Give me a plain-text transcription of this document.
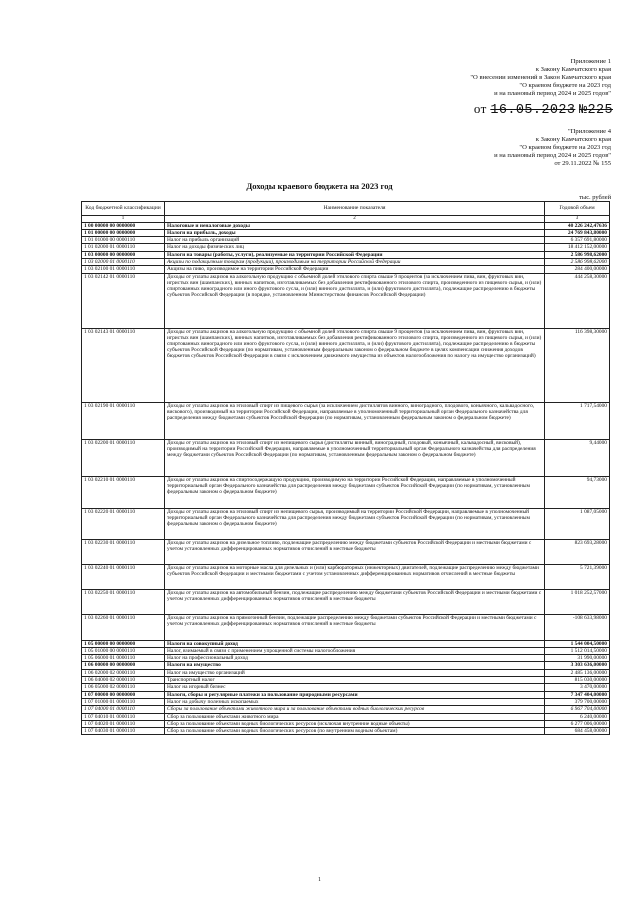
Приложение 1
к Закону Камчатского края
"О внесении изменений в Закон Камчатского края
"О краевом бюджете на 2023 год
и на плановый период 2024 и 2025 годов"
от 16.05.2023 №225
"Приложение 4
к Закону Камчатского края
"О краевом бюджете на 2023 год
и на плановый период 2024 и 2025 годов"
от 29.11.2022 № 155
Доходы краевого бюджета на 2023 год
тыс. рублей
Код бюджетной классификации	Наименование показателя	Годовой объем
1	2	3
1 00 00000 00 0000000	Налоговые и неналоговые доходы	40 226 242,47636
1 01 00000 00 0000000	Налоги на прибыль, доходы	24 769 843,80000
1 01 01000 00 0000110	Налог на прибыль организаций	6 357 691,80000
1 01 02000 01 0000110	Налог на доходы физических лиц	18 412 152,00000
1 03 00000 00 0000000	Налоги на товары (работы, услуги), реализуемые на территории Российской Федерации	2 586 998,62000
1 03 02000 01 0000110	Акцизы по подакцизным товарам (продукции), производимым на территории Российской Федерации	2 586 998,62000
1 03 02100 01 0000110	Акцизы на пиво, производимое на территории Российской Федерации	284 400,00000
1 03 02142 01 0000110	Доходы от уплаты акцизов на алкогольную продукцию с объемной долей этилового спирта свыше 9 процентов (за исключением пива, вин, фруктовых вин, игристых вин (шампанских), винных напитков, изготавливаемых без добавления ректификованного этилового спирта, произведенного из пищевого сырья, и (или) спиртованных виноградного или иного фруктового сусла, и (или) винного дистиллята, и (или) фруктового дистиллята), подлежащие распределению в бюджеты субъектов Российской Федерации (в порядке, установленном Министерством финансов Российской Федерации)	444 258,30000
1 03 02143 01 0000110	Доходы от уплаты акцизов на алкогольную продукцию с объемной долей этилового спирта свыше 9 процентов (за исключением пива, вин, фруктовых вин, игристых вин (шампанских), винных напитков, изготавливаемых без добавления ректификованного этилового спирта, произведенного из пищевого сырья, и (или) спиртованных виноградного или иного фруктового сусла, и (или) винного дистиллята, и (или) фруктового дистиллята), подлежащие распределению в бюджеты субъектов Российской Федерации (по нормативам, установленным федеральным законом о федеральном бюджете в целях компенсации снижения доходов бюджетов субъектов Российской Федерации в связи с исключением движимого имущества из объектов налогообложения по налогу на имущество организаций)	116 398,30000
1 03 02190 01 0000110	Доходы от уплаты акцизов на этиловый спирт из пищевого сырья (за исключением дистиллятов винного, виноградного, плодового, коньячного, кальвадосного, вискового), производимый на территории Российской Федерации, направляемые в уполномоченный территориальный орган Федерального казначейства для распределения между бюджетами субъектов Российской Федерации (по нормативам, установленным федеральным законом о федеральном бюджете)	1 717,54000
1 03 02200 01 0000110	Доходы от уплаты акцизов на этиловый спирт из непищевого сырья (дистилляты винный, виноградный, плодовый, коньячный, кальвадосный, висковый), производимый на территории Российской Федерации, направляемые в уполномоченный территориальный орган Федерального казначейства для распределения между бюджетами субъектов Российской Федерации (по нормативам, установленным федеральным законом о федеральном бюджете)	9,44000
1 03 02210 01 0000110	Доходы от уплаты акцизов на спиртосодержащую продукцию, производимую на территории Российской Федерации, направляемые в уполномоченный территориальный орган Федерального казначейства для распределения между бюджетами субъектов Российской Федерации (по нормативам, установленным федеральным законом о федеральном бюджете)	94,73000
1 03 02220 01 0000110	Доходы от уплаты акцизов на этиловый спирт из непищевого сырья, производимый на территории Российской Федерации, направляемые в уполномоченный территориальный орган Федерального казначейства для распределения между бюджетами субъектов Российской Федерации (по нормативам, установленным федеральным законом о федеральном бюджете)	1 087,05000
1 03 02230 01 0000110	Доходы от уплаты акцизов на дизельное топливо, подлежащие распределению между бюджетами субъектов Российской Федерации и местными бюджетами с учетом установленных дифференцированных нормативов отчислений в местные бюджеты	823 693,28000
1 03 02240 01 0000110	Доходы от уплаты акцизов на моторные масла для дизельных и (или) карбюраторных (инжекторных) двигателей, подлежащие распределению между бюджетами субъектов Российской Федерации и местными бюджетами с учетом установленных дифференцированных нормативов отчислений в местные бюджеты	5 721,39000
1 03 02250 01 0000110	Доходы от уплаты акцизов на автомобильный бензин, подлежащие распределению между бюджетами субъектов Российской Федерации и местными бюджетами с учетом установленных дифференцированных нормативов отчислений в местные бюджеты	1 018 252,57000
1 03 02260 01 0000110	Доходы от уплаты акцизов на прямогонный бензин, подлежащие распределению между бюджетами субъектов Российской Федерации и местными бюджетами с учетом установленных дифференцированных нормативов отчислений в местные бюджеты	-108 633,98000
1 05 00000 00 0000000	Налоги на совокупный доход	1 544 004,50000
1 05 01000 00 0000110	Налог, взимаемый в связи с применением упрощенной системы налогообложения	1 512 014,50000
1 05 06000 01 0000110	Налог на профессиональный доход	31 990,00000
1 06 00000 00 0000000	Налоги на имущество	3 303 636,00000
1 06 02000 02 0000110	Налог на имущество организаций	2 485 136,00000
1 06 04000 02 0000110	Транспортный налог	815 030,00000
1 06 05000 02 0000110	Налог на игорный бизнес	3 470,00000
1 07 00000 00 0000000	Налоги, сборы и регулярные платежи за пользование природными ресурсами	7 347 404,00000
1 07 01000 01 0000110	Налог на добычу полезных ископаемых	379 700,00000
1 07 04000 01 0000110	Сборы за пользование объектами животного мира и за пользование объектами водных биологических ресурсов	6 967 704,00000
1 07 04010 01 0000110	Сбор за пользование объектами животного мира	6 240,00000
1 07 04020 01 0000110	Сбор за пользование объектами водных биологических ресурсов (исключая внутренние водные объекты)	6 277 006,00000
1 07 04030 01 0000110	Сбор за пользование объектами водных биологических ресурсов (по внутренним водным объектам)	684 458,00000
1
